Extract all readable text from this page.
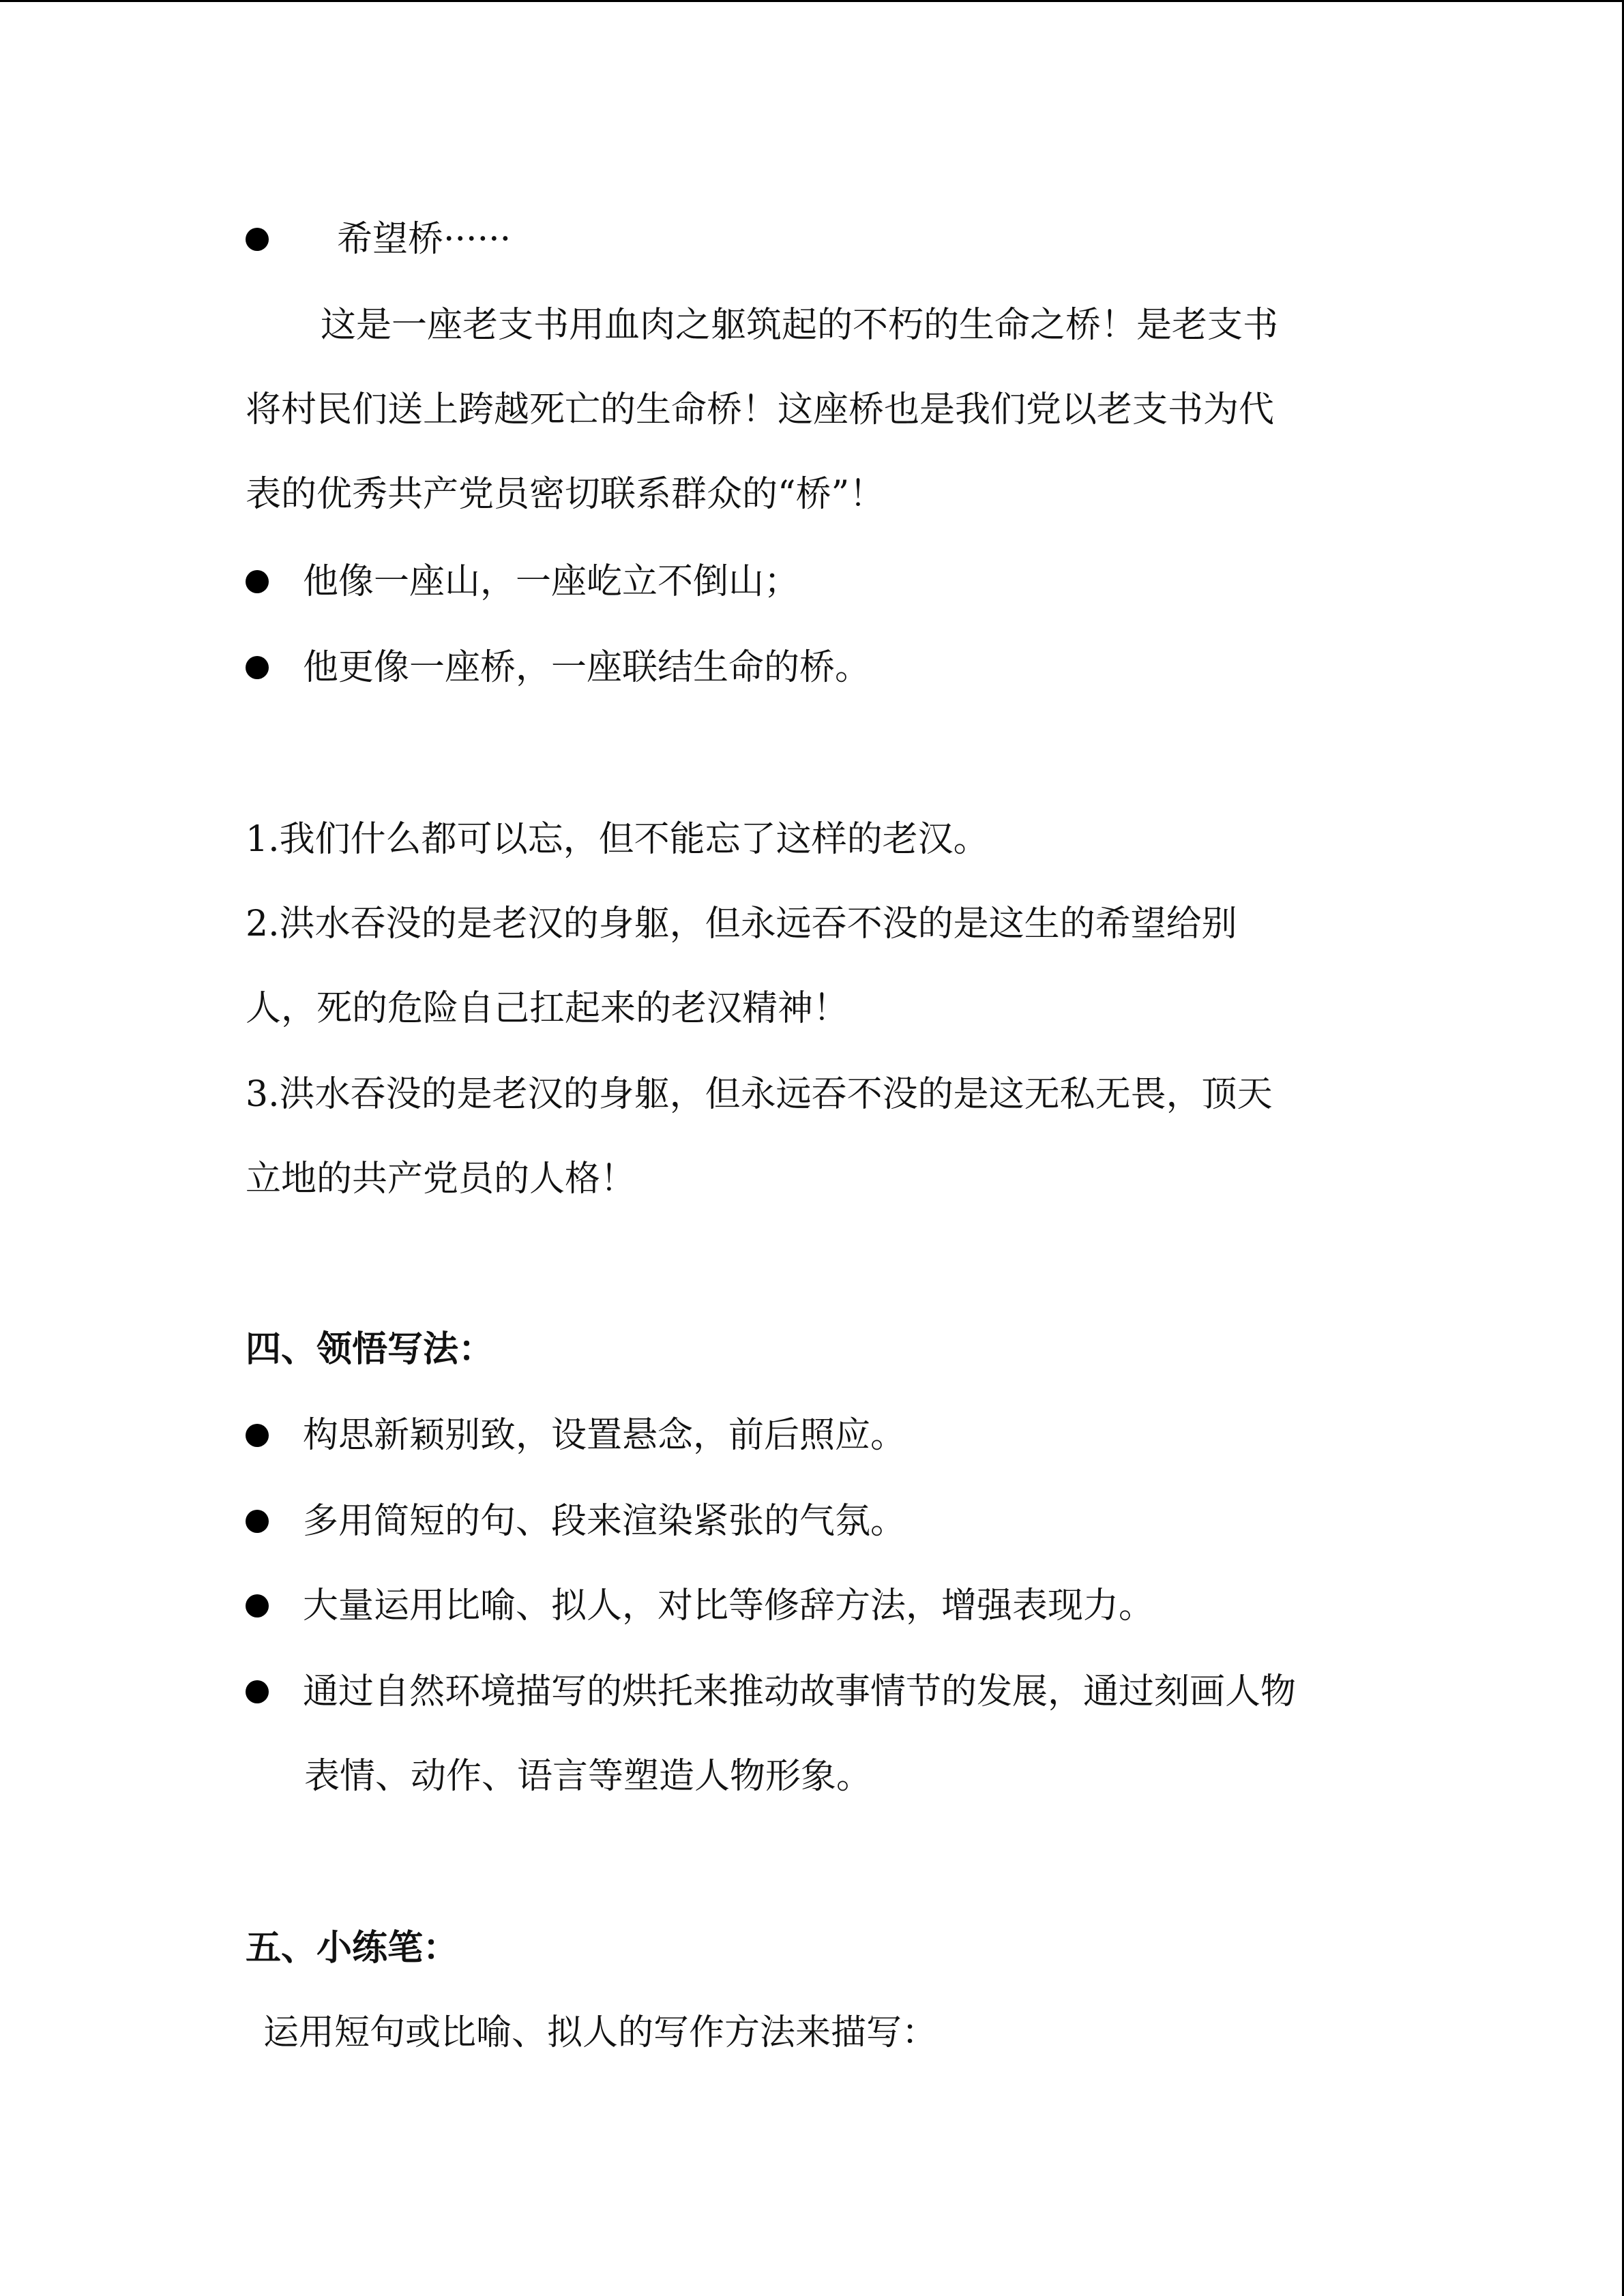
希望桥······
这是一座老支书用血肉之躯筑起的不朽的生命之桥！是老支书
将村民们送上跨越死亡的生命桥！这座桥也是我们党以老支书为代
表的优秀共产党员密切联系群众的“桥”！
他像一座山，一座屹立不倒山；
他更像一座桥，一座联结生命的桥。
1.我们什么都可以忘，但不能忘了这样的老汉。
2.洪水吞没的是老汉的身躯，但永远吞不没的是这生的希望给别
人，死的危险自己扛起来的老汉精神！
3.洪水吞没的是老汉的身躯，但永远吞不没的是这无私无畏，顶天
立地的共产党员的人格！
四、领悟写法：
构思新颖别致，设置悬念，前后照应。
多用简短的句、段来渲染紧张的气氛。
大量运用比喻、拟人，对比等修辞方法，增强表现力。
通过自然环境描写的烘托来推动故事情节的发展，通过刻画人物
表情、动作、语言等塑造人物形象。
五、小练笔：
运用短句或比喻、拟人的写作方法来描写：
